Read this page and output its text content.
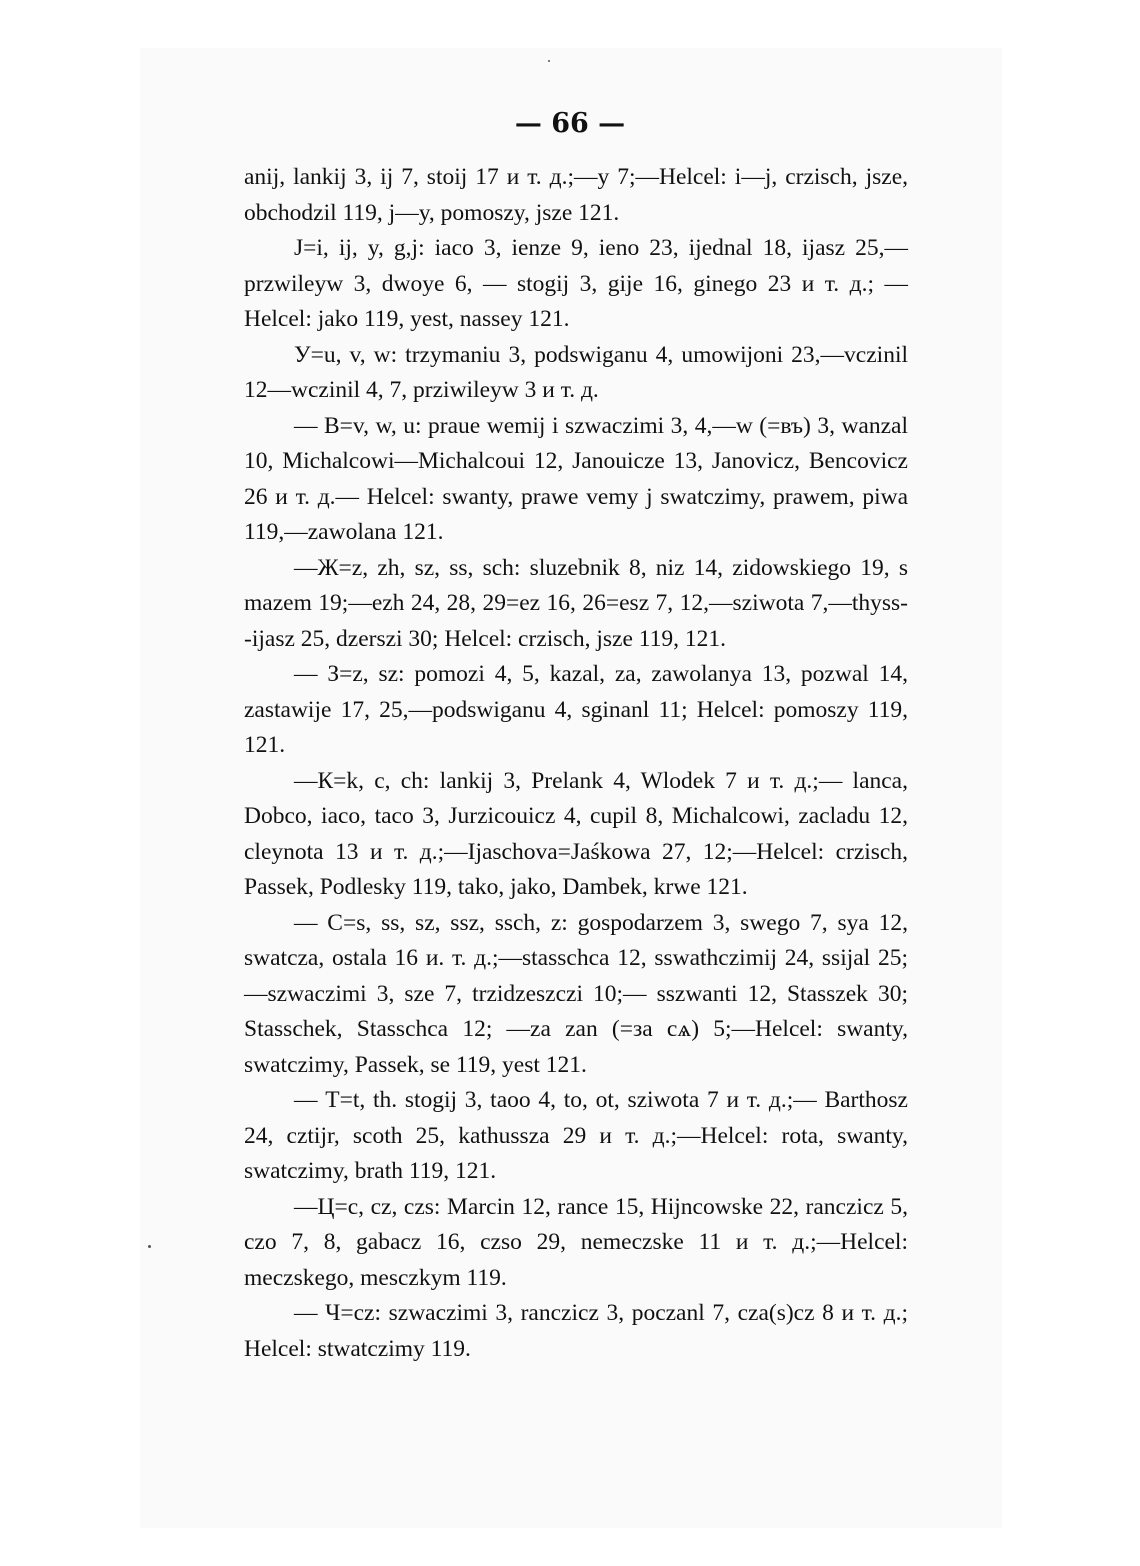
— 66 —

anij, lankij 3, ij 7, stoij 17 и т. д.;—y 7;—Helcel: i—j, crzisch, jsze, obchodzil 119, j—y, pomoszy, jsze 121.

J=i, ij, y, g,j: iaco 3, ienze 9, ieno 23, ijednal 18, ijasz 25,—przwileyw 3, dwoye 6, — stogij 3, gije 16, ginego 23 и т. д.; — Helcel: jako 119, yest, nassey 121.

У=u, v, w: trzymaniu 3, podswiganu 4, umowijoni 23,—vczinil 12—wczinil 4, 7, prziwileyw 3 и т. д.

— В=v, w, u: praue wemij i szwaczimi 3, 4,—w (=въ) 3, wanzal 10, Michalcowi—Michalcoui 12, Janouicze 13, Janovicz, Bencovicz 26 и т. д.— Helcel: swanty, prawe vemy j swatczimy, prawem, piwa 119,—zawolana 121.

—Ж=z, zh, sz, ss, sch: sluzebnik 8, niz 14, zidowskiego 19, s mazem 19;—ezh 24, 28, 29=ez 16, 26=esz 7, 12,—sziwota 7,—thyss--ijasz 25, dzerszi 30; Helcel: crzisch, jsze 119, 121.

— З=z, sz: pomozi 4, 5, kazal, za, zawolanya 13, pozwal 14, zastawije 17, 25,—podswiganu 4, sginanl 11; Helcel: pomoszy 119, 121.

—К=k, c, ch: lankij 3, Prelank 4, Wlodek 7 и т. д.;— lanca, Dobco, iaco, taco 3, Jurzicouicz 4, cupil 8, Michalcowi, zacladu 12, cleynota 13 и т. д.;—Ijaschova=Jaśkowa 27, 12;—Helcel: crzisch, Passek, Podlesky 119, tako, jako, Dambek, krwe 121.

— С=s, ss, sz, ssz, ssch, z: gospodarzem 3, swego 7, sya 12, swatcza, ostala 16 и. т. д.;—stasschca 12, sswathczimij 24, ssijal 25;—szwaczimi 3, sze 7, trzidzeszczi 10;— sszwanti 12, Stasszek 30; Stasschek, Stasschca 12; —za zan (=за сѧ) 5;—Helcel: swanty, swatczimy, Passek, se 119, yest 121.

— Т=t, th. stogij 3, taoo 4, to, ot, sziwota 7 и т. д.;— Barthosz 24, cztijr, scoth 25, kathussza 29 и т. д.;—Helcel: rota, swanty, swatczimy, brath 119, 121.

—Ц=c, cz, czs: Marcin 12, rance 15, Hijncowske 22, ranczicz 5, czo 7, 8, gabacz 16, czso 29, nemeczske 11 и т. д.;—Helcel: meczskego, mesczkym 119.

— Ч=cz: szwaczimi 3, ranczicz 3, poczanl 7, cza(s)cz 8 и т. д.; Helcel: stwatczimy 119.
